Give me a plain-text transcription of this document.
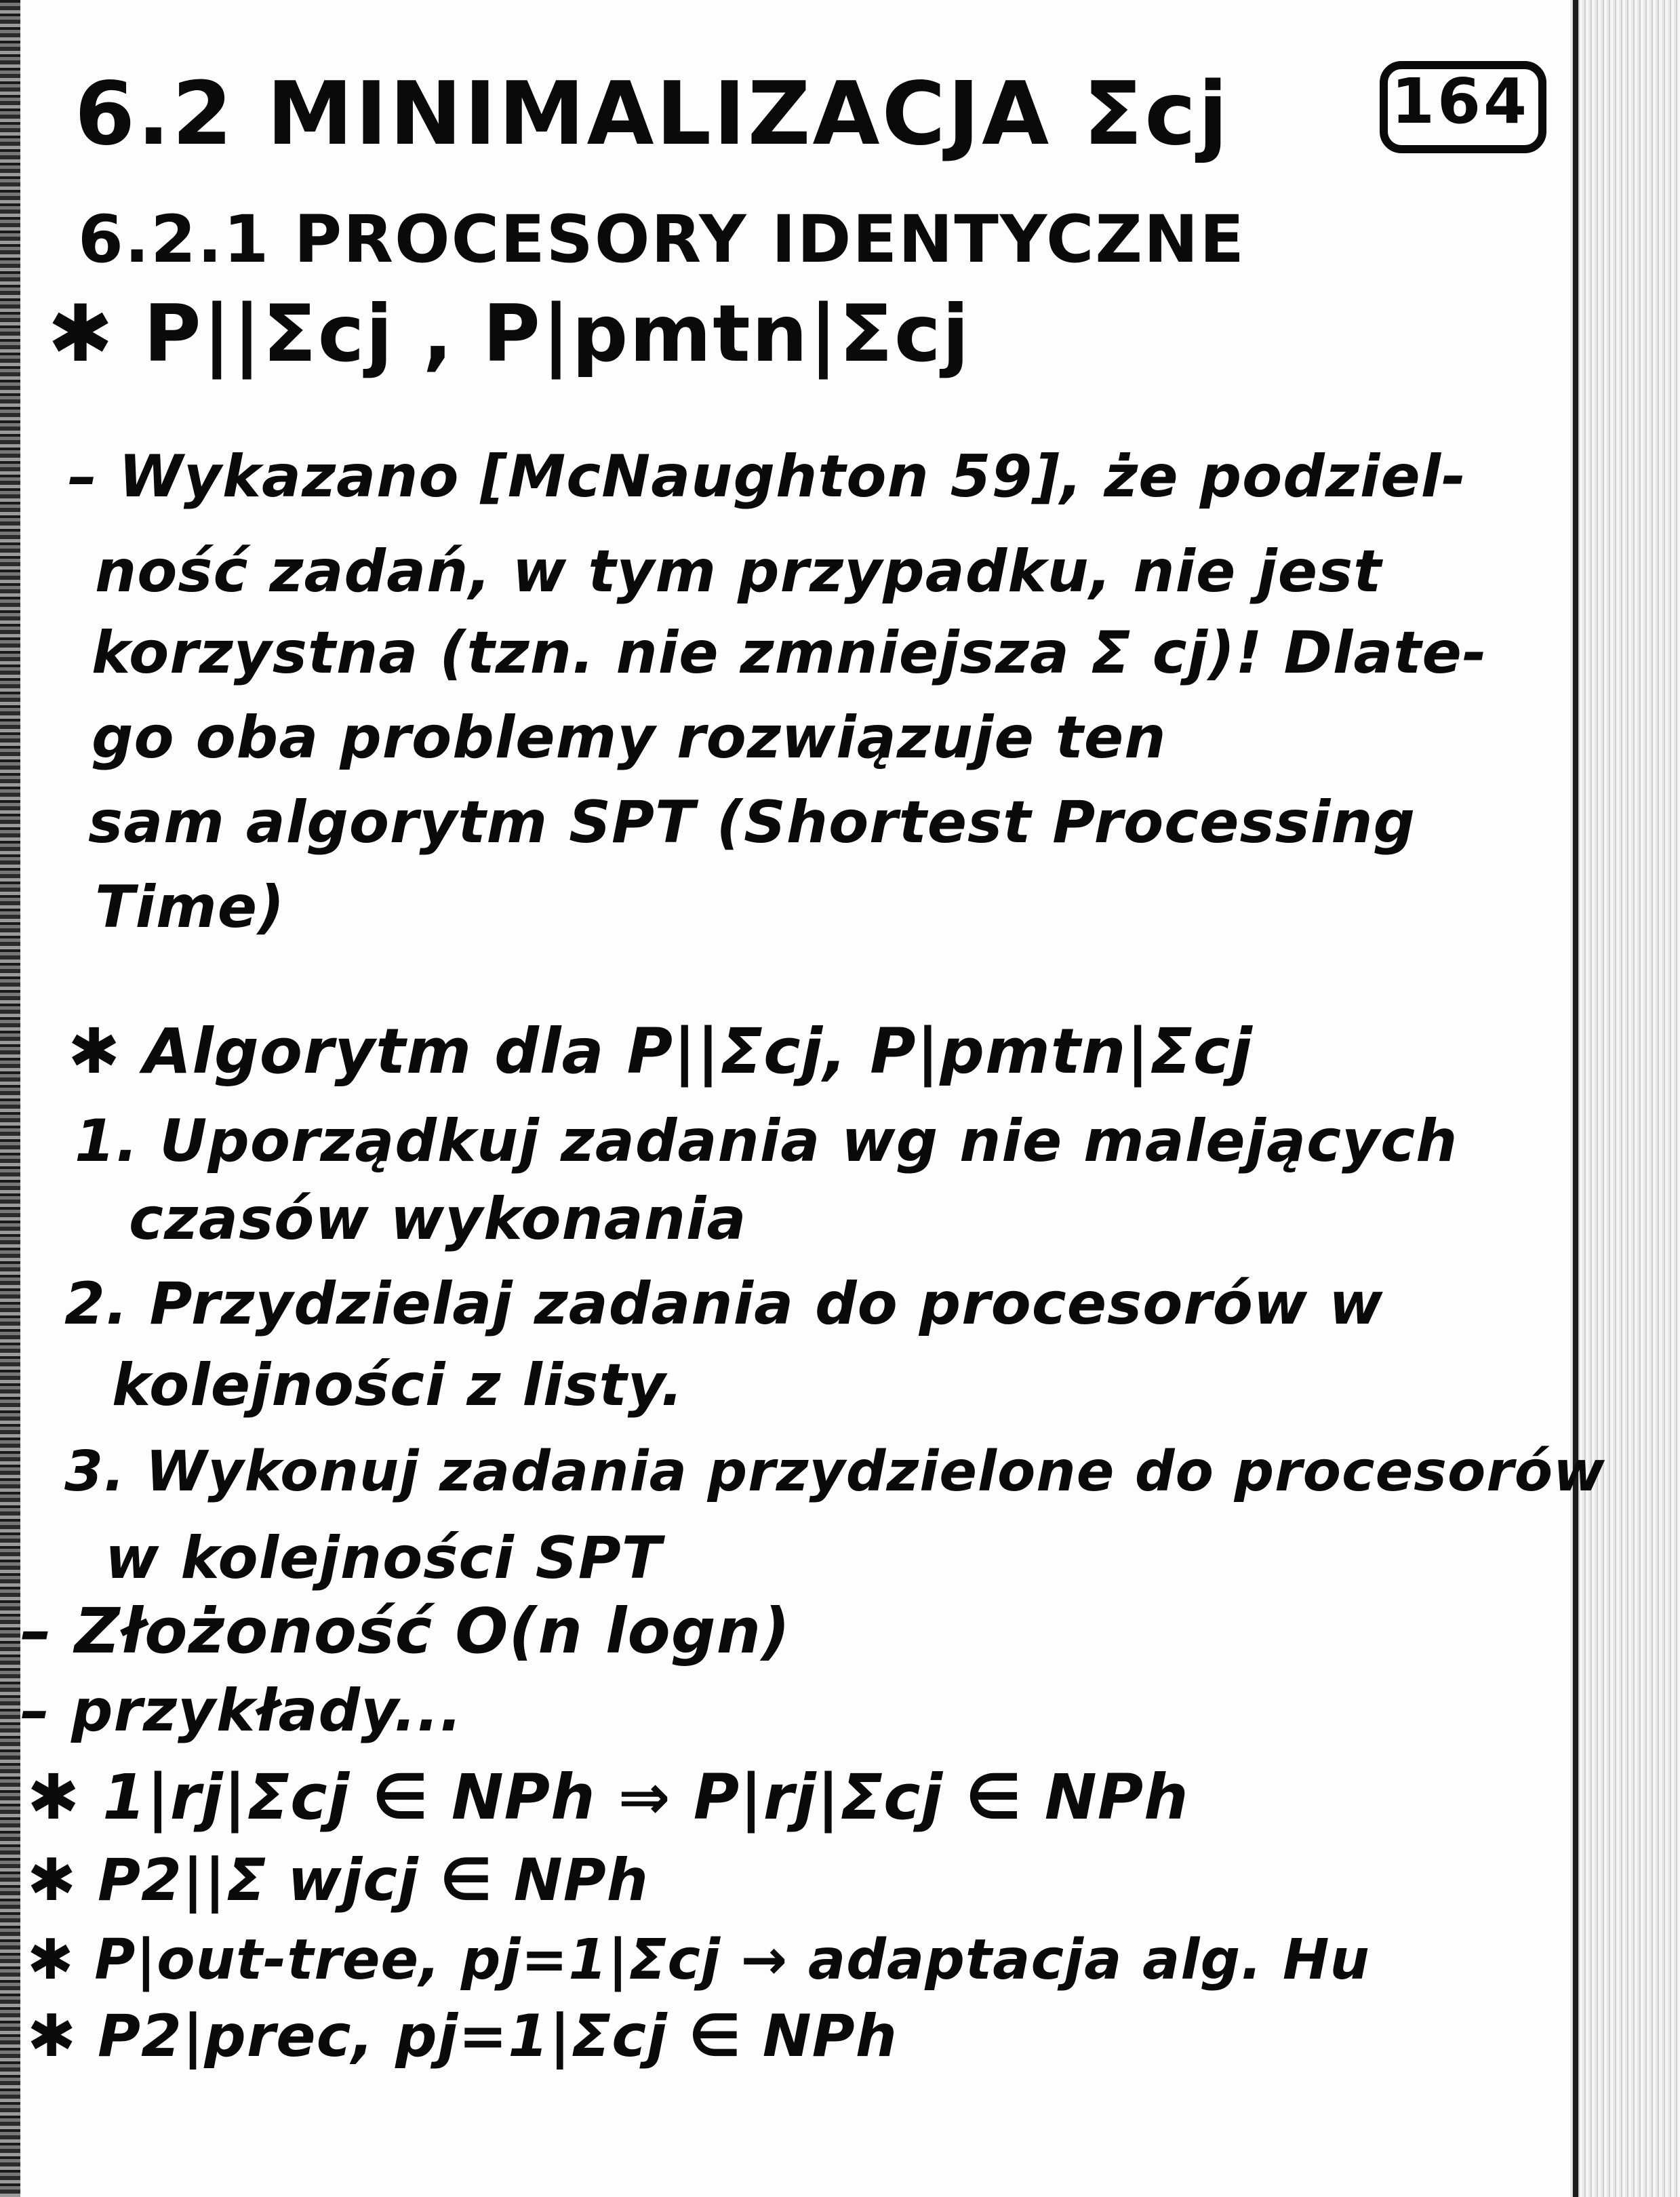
6.2 MINIMALIZACJA Σcj	164
6.2.1 PROCESORY IDENTYCZNE
✱ P||Σcj , P|pmtn|Σcj
– Wykazano [McNaughton 59], że podziel-
ność zadań, w tym przypadku, nie jest
korzystna (tzn. nie zmniejsza Σ cj)! Dlate-
go oba problemy rozwiązuje ten
sam algorytm SPT (Shortest Processing
Time)
✱ Algorytm dla P||Σcj, P|pmtn|Σcj
1. Uporządkuj zadania wg nie malejących
czasów wykonania
2. Przydzielaj zadania do procesorów w
kolejności z listy.
3. Wykonuj zadania przydzielone do procesorów
w kolejności SPT
– Złożoność O(n logn)
– przykłady...
✱ 1|rj|Σcj ∈ NPh ⇒ P|rj|Σcj ∈ NPh
✱ P2||Σ wjcj ∈ NPh
✱ P|out-tree, pj=1|Σcj → adaptacja alg. Hu
✱ P2|prec, pj=1|Σcj ∈ NPh
